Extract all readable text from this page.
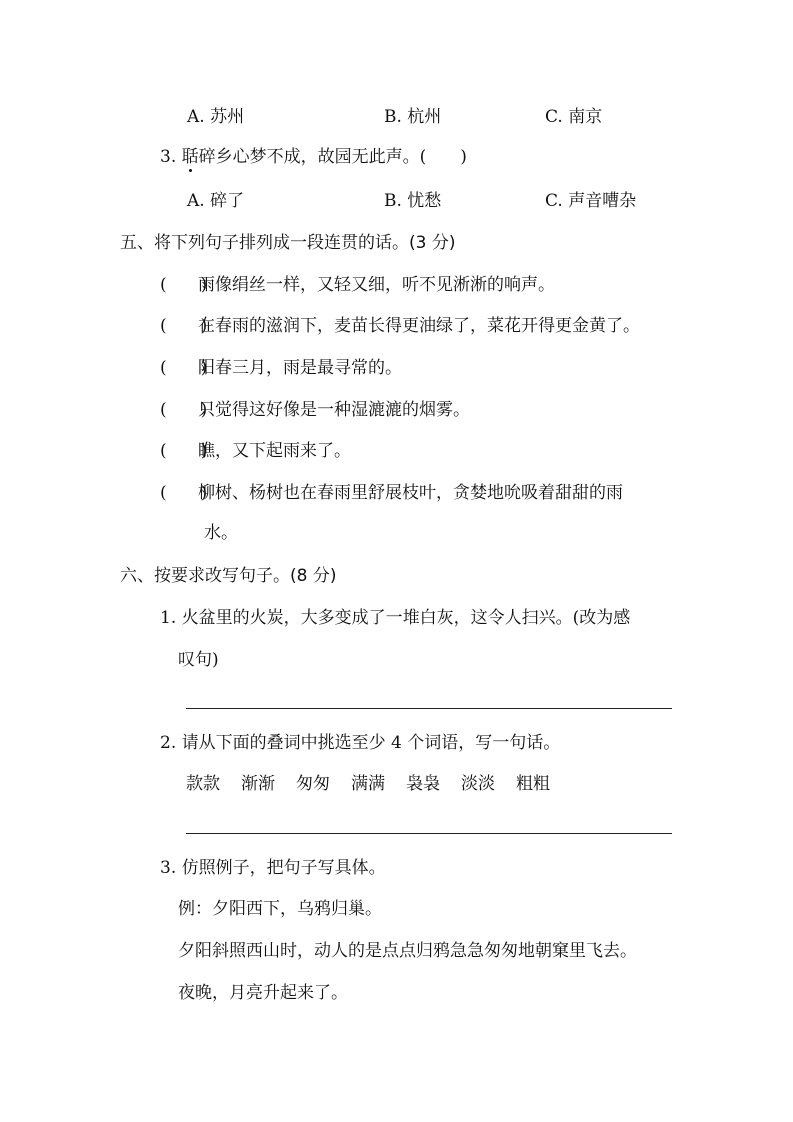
A. 苏州	B. 杭州	C. 南京
3. 聒碎乡心梦不成，故园无此声。(　　)
A. 碎了	B. 忧愁	C. 声音嘈杂
五、将下列句子排列成一段连贯的话。(3 分)
(　　)雨像绢丝一样，又轻又细，听不见淅淅的响声。
(　　)在春雨的滋润下，麦苗长得更油绿了，菜花开得更金黄了。
(　　)阳春三月，雨是最寻常的。
(　　)只觉得这好像是一种湿漉漉的烟雾。
(　　)瞧，又下起雨来了。
(　　)柳树、杨树也在春雨里舒展枝叶，贪婪地吮吸着甜甜的雨
水。
六、按要求改写句子。(8 分)
1. 火盆里的火炭，大多变成了一堆白灰，这令人扫兴。(改为感
叹句)
2. 请从下面的叠词中挑选至少 4 个词语，写一句话。
款款 渐渐 匆匆 满满 袅袅 淡淡 粗粗
3. 仿照例子，把句子写具体。
例：夕阳西下，乌鸦归巢。
夕阳斜照西山时，动人的是点点归鸦急急匆匆地朝窠里飞去。
夜晚，月亮升起来了。
